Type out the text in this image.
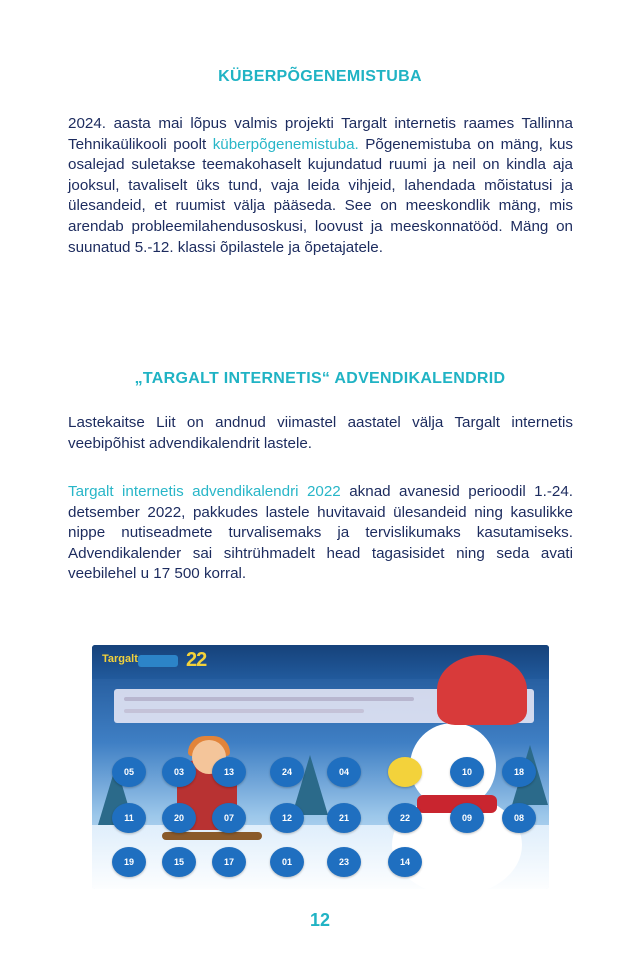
KÜBERPÕGENEMISTUBA
2024. aasta mai lõpus valmis projekti Targalt internetis raames Tallinna Tehnikaülikooli poolt küberpõgenemistuba. Põgenemistuba on mäng, kus osalejad suletakse teemakohaselt kujundatud ruumi ja neil on kindla aja jooksul, tavaliselt üks tund, vaja leida vihjeid, lahendada mõistatusi ja ülesandeid, et ruumist välja pääseda. See on meeskondlik mäng, mis arendab probleemilahendusoskusi, loovust ja meeskonnatööd. Mäng on suunatud 5.-12. klassi õpilastele ja õpetajatele.
„TARGALT INTERNETIS“ ADVENDIKALENDRID
Lastekaitse Liit on andnud viimastel aastatel välja Targalt internetis veebipõhist advendikalendrit lastele.
Targalt internetis advendikalendri 2022 aknad avanesid perioodil 1.-24. detsember 2022, pakkudes lastele huvitavaid ülesandeid ning kasulikke nippe nutiseadmete turvalisemaks ja tervislikumaks kasutamiseks. Advendikalender sai sihtrühmadelt head tagasisidet ning seda avati veebilehel u 17 500 korral.
Targalt 22
05	03	13	24	04	10	18
11	20	07	12	21	22	09	08
19	15	17	01	23	14
12
